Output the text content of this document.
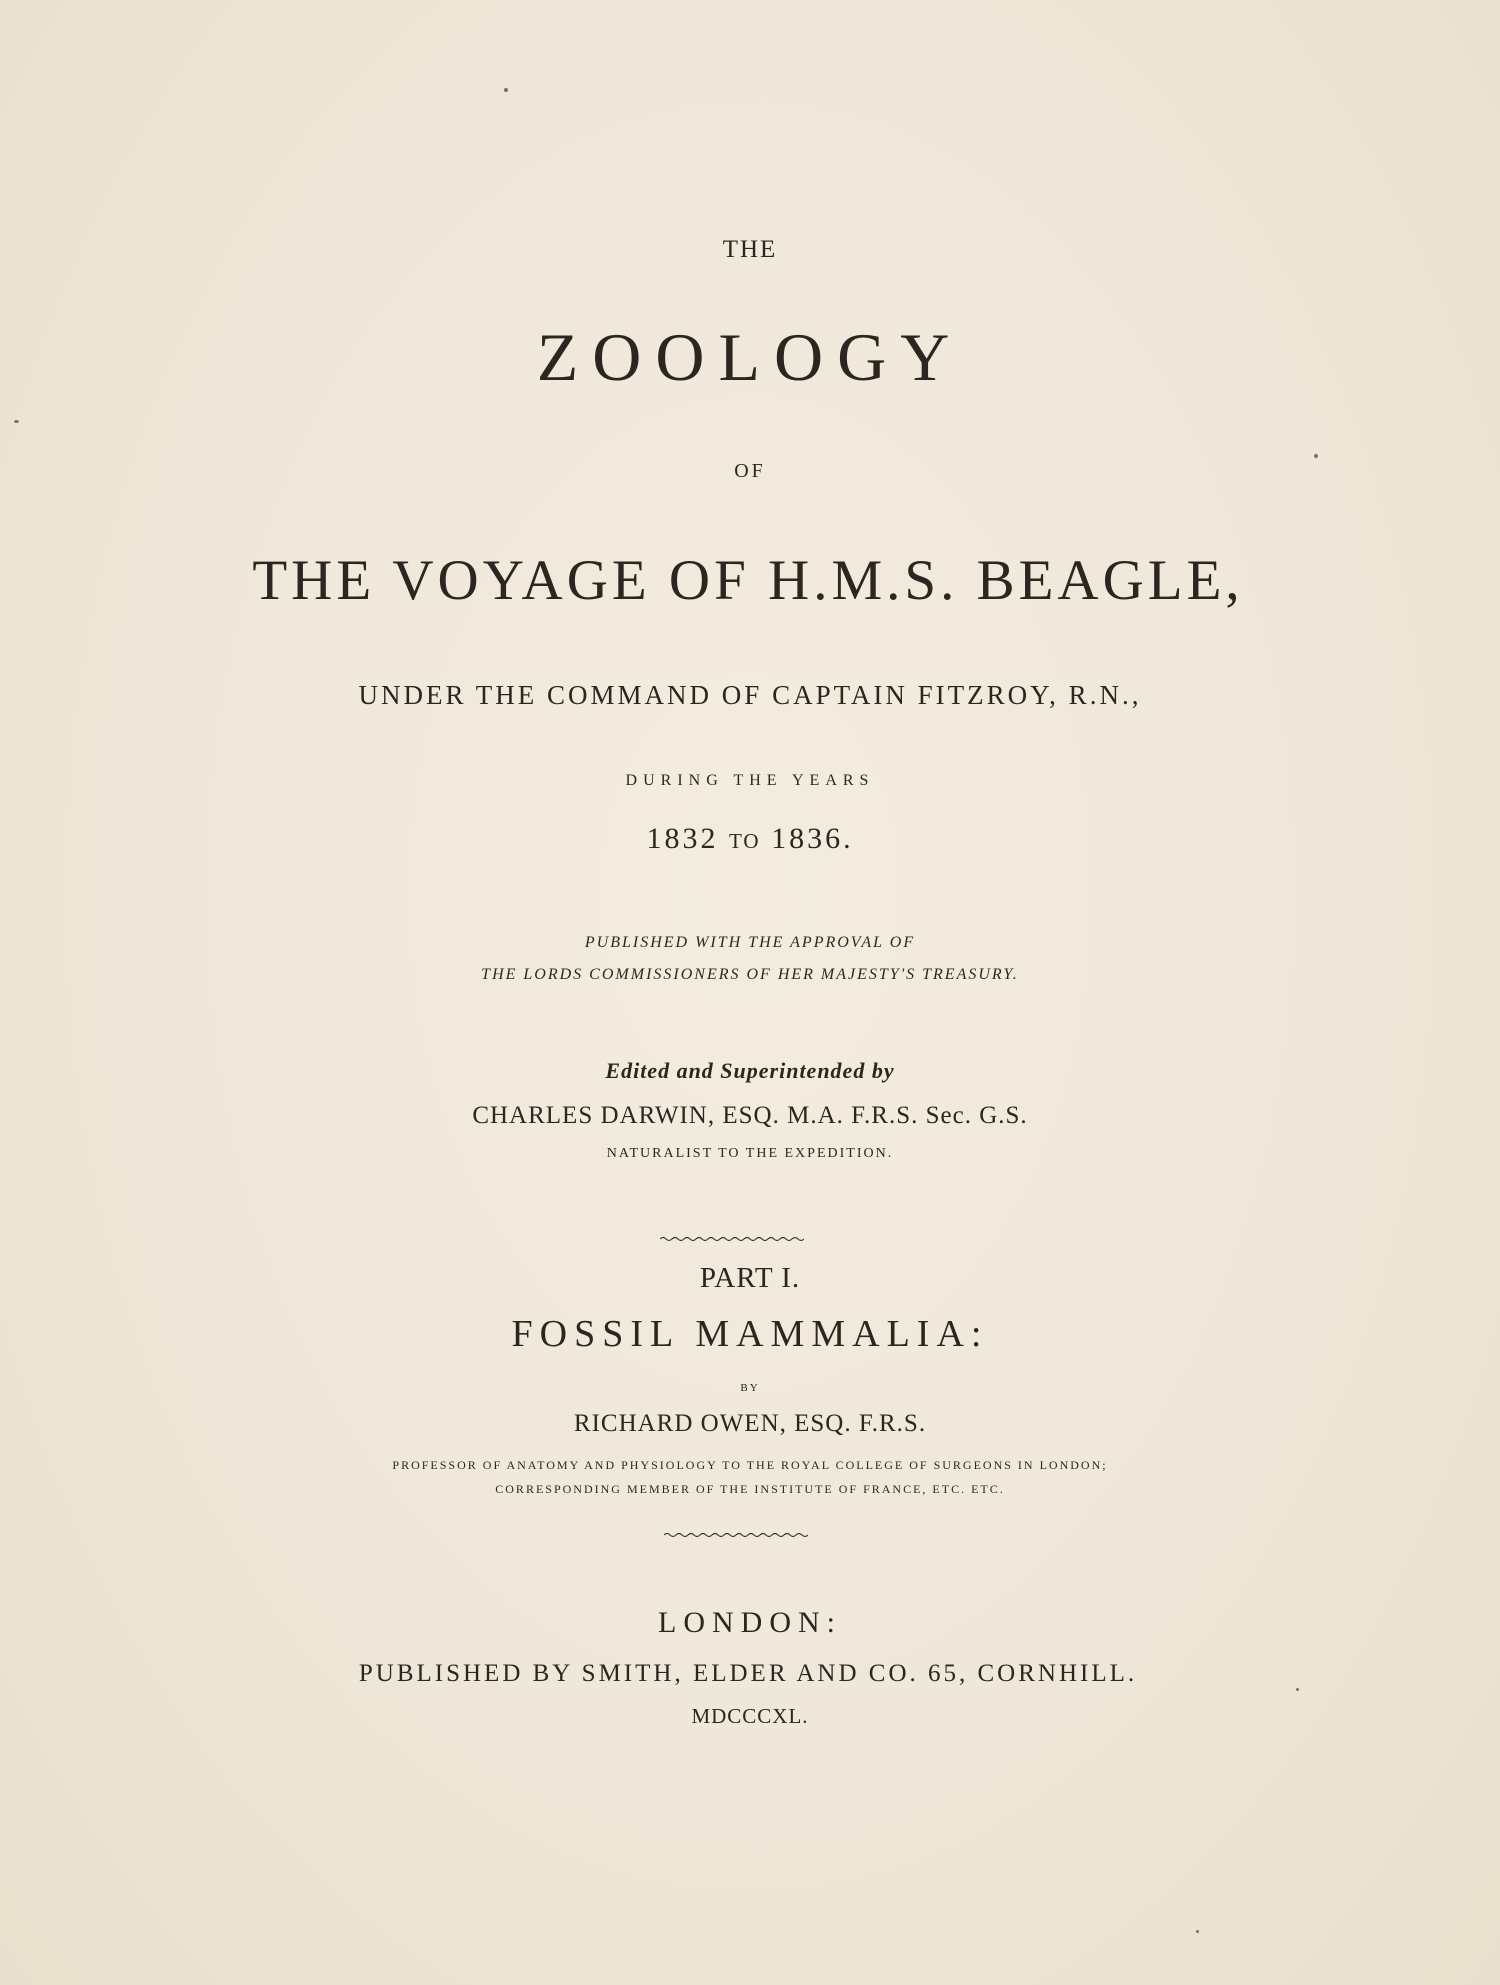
THE
ZOOLOGY
OF
THE VOYAGE OF H.M.S. BEAGLE,
UNDER THE COMMAND OF CAPTAIN FITZROY, R.N.,
DURING THE YEARS
1832 TO 1836.
PUBLISHED WITH THE APPROVAL OF
THE LORDS COMMISSIONERS OF HER MAJESTY'S TREASURY.
Edited and Superintended by
CHARLES DARWIN, ESQ. M.A. F.R.S. Sec. G.S.
NATURALIST TO THE EXPEDITION.
PART I.
FOSSIL MAMMALIA:
BY
RICHARD OWEN, ESQ. F.R.S.
PROFESSOR OF ANATOMY AND PHYSIOLOGY TO THE ROYAL COLLEGE OF SURGEONS IN LONDON;
CORRESPONDING MEMBER OF THE INSTITUTE OF FRANCE, ETC. ETC.
LONDON:
PUBLISHED BY SMITH, ELDER AND CO. 65, CORNHILL.
MDCCCXL.
